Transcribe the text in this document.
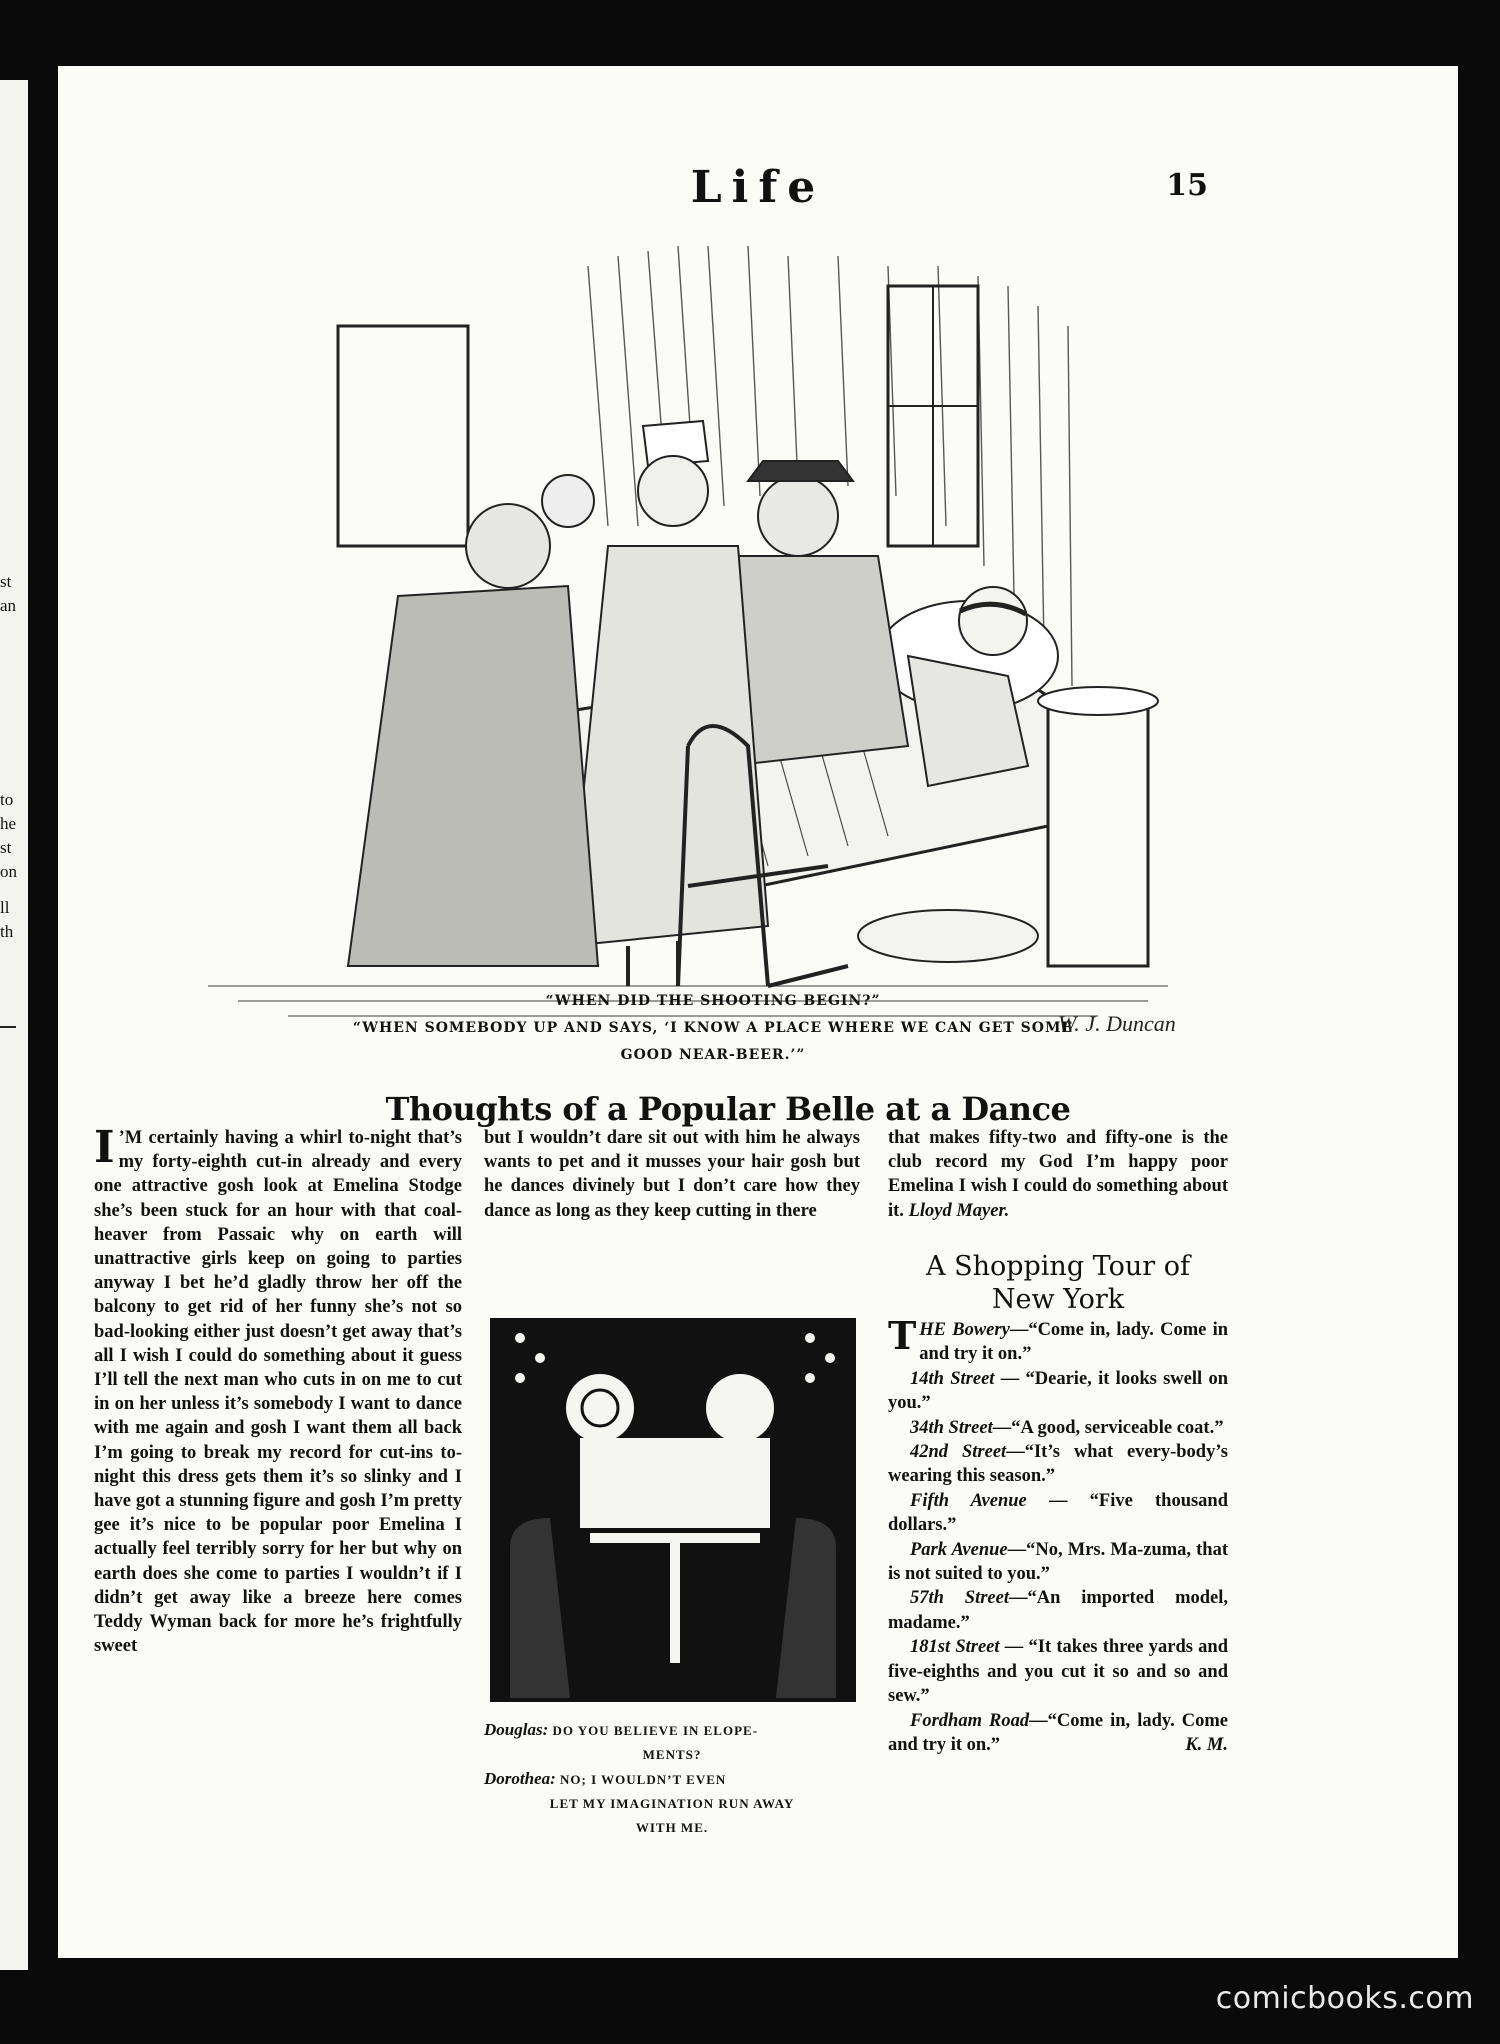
st
an
to
he
st
on
ll
th
Life	15
W. J. Duncan
“WHEN DID THE SHOOTING BEGIN?”
“WHEN SOMEBODY UP AND SAYS, ‘I KNOW A PLACE WHERE WE CAN GET SOME
GOOD NEAR-BEER.’”
Thoughts of a Popular Belle at a Dance
I ’M certainly having a whirl to-night that’s my forty-eighth cut-in already and every one attractive gosh look at Emelina Stodge she’s been stuck for an hour with that coal-heaver from Passaic why on earth will unattractive girls keep on going to parties anyway I bet he’d gladly throw her off the balcony to get rid of her funny she’s not so bad-looking either just doesn’t get away that’s all I wish I could do something about it guess I’ll tell the next man who cuts in on me to cut in on her unless it’s somebody I want to dance with me again and gosh I want them all back I’m going to break my record for cut-ins to-night this dress gets them it’s so slinky and I have got a stunning figure and gosh I’m pretty gee it’s nice to be popular poor Emelina I actually feel terribly sorry for her but why on earth does she come to parties I wouldn’t if I didn’t get away like a breeze here comes Teddy Wyman back for more he’s frightfully sweet
but I wouldn’t dare sit out with him he always wants to pet and it musses your hair gosh but he dances divinely but I don’t care how they dance as long as they keep cutting in there
that makes fifty-two and fifty-one is the club record my God I’m happy poor Emelina I wish I could do something about it. Lloyd Mayer.
Douglas: DO YOU BELIEVE IN ELOPE-
MENTS?
Dorothea: NO; I WOULDN’T EVEN
LET MY IMAGINATION RUN AWAY
WITH ME.
A Shopping Tour of
New York

THE Bowery—“Come in, lady. Come in and try it on.”

14th Street — “Dearie, it looks swell on you.”

34th Street—“A good, serviceable coat.”

42nd Street—“It’s what every-body’s wearing this season.”

Fifth Avenue — “Five thousand dollars.”

Park Avenue—“No, Mrs. Ma-zuma, that is not suited to you.”

57th Street—“An imported model, madame.”

181st Street — “It takes three yards and five-eighths and you cut it so and so and sew.”

Fordham Road—“Come in, lady. Come and try it on.”	K. M.

comicbooks.com
